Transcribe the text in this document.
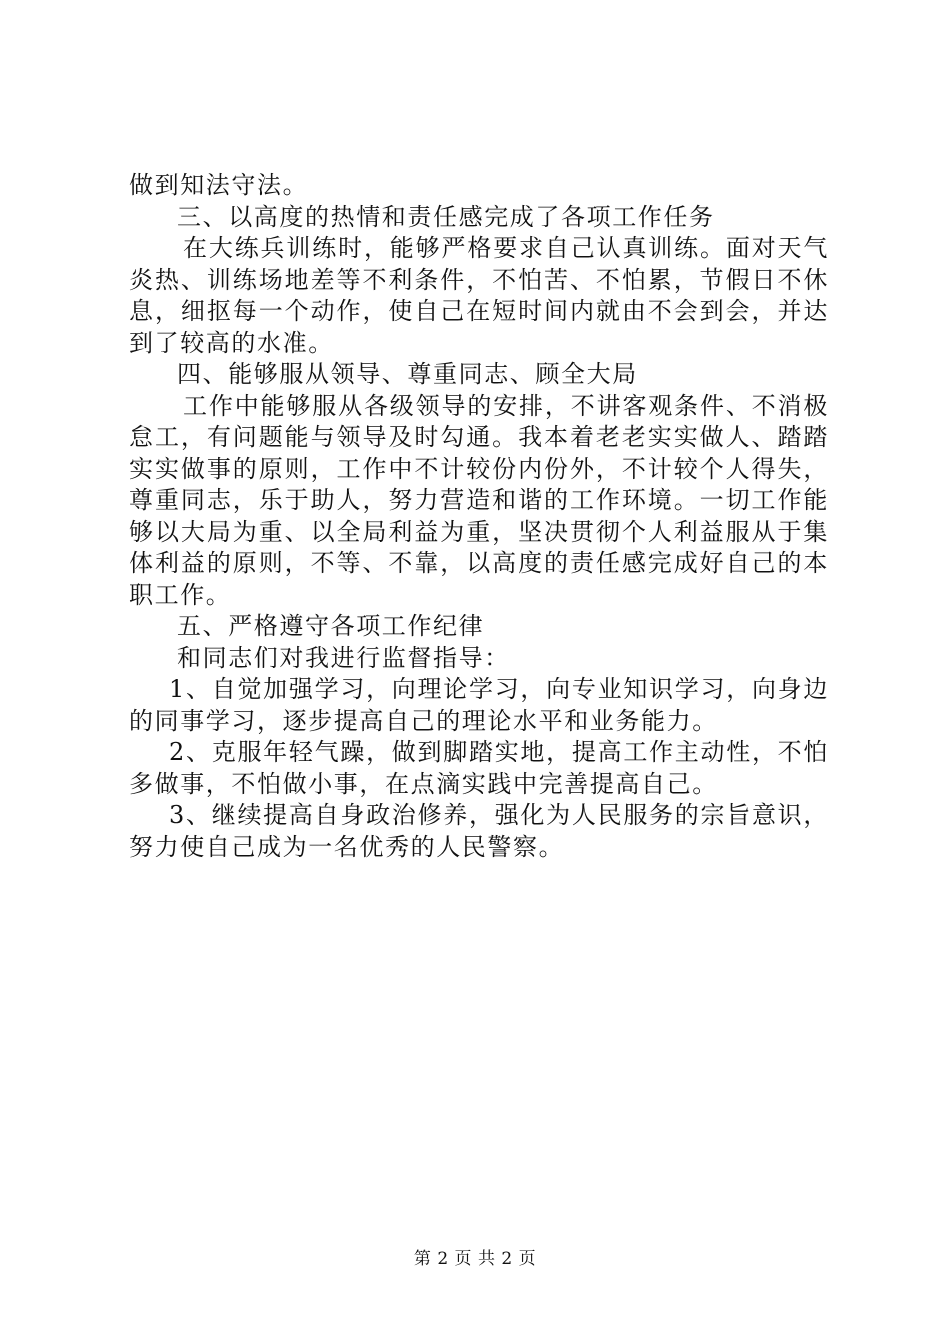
做到知法守法。

三、以高度的热情和责任感完成了各项工作任务

在大练兵训练时，能够严格要求自己认真训练。面对天气炎热、训练场地差等不利条件，不怕苦、不怕累，节假日不休息，细抠每一个动作，使自己在短时间内就由不会到会，并达到了较高的水准。

四、能够服从领导、尊重同志、顾全大局

工作中能够服从各级领导的安排，不讲客观条件、不消极怠工，有问题能与领导及时勾通。我本着老老实实做人、踏踏实实做事的原则，工作中不计较份内份外，不计较个人得失，尊重同志，乐于助人，努力营造和谐的工作环境。一切工作能够以大局为重、以全局利益为重，坚决贯彻个人利益服从于集体利益的原则，不等、不靠，以高度的责任感完成好自己的本职工作。

五、严格遵守各项工作纪律

和同志们对我进行监督指导：

1、自觉加强学习，向理论学习，向专业知识学习，向身边的同事学习，逐步提高自己的理论水平和业务能力。

2、克服年轻气躁，做到脚踏实地，提高工作主动性，不怕多做事，不怕做小事，在点滴实践中完善提高自己。

3、继续提高自身政治修养，强化为人民服务的宗旨意识，努力使自己成为一名优秀的人民警察。

第 2 页 共 2 页
